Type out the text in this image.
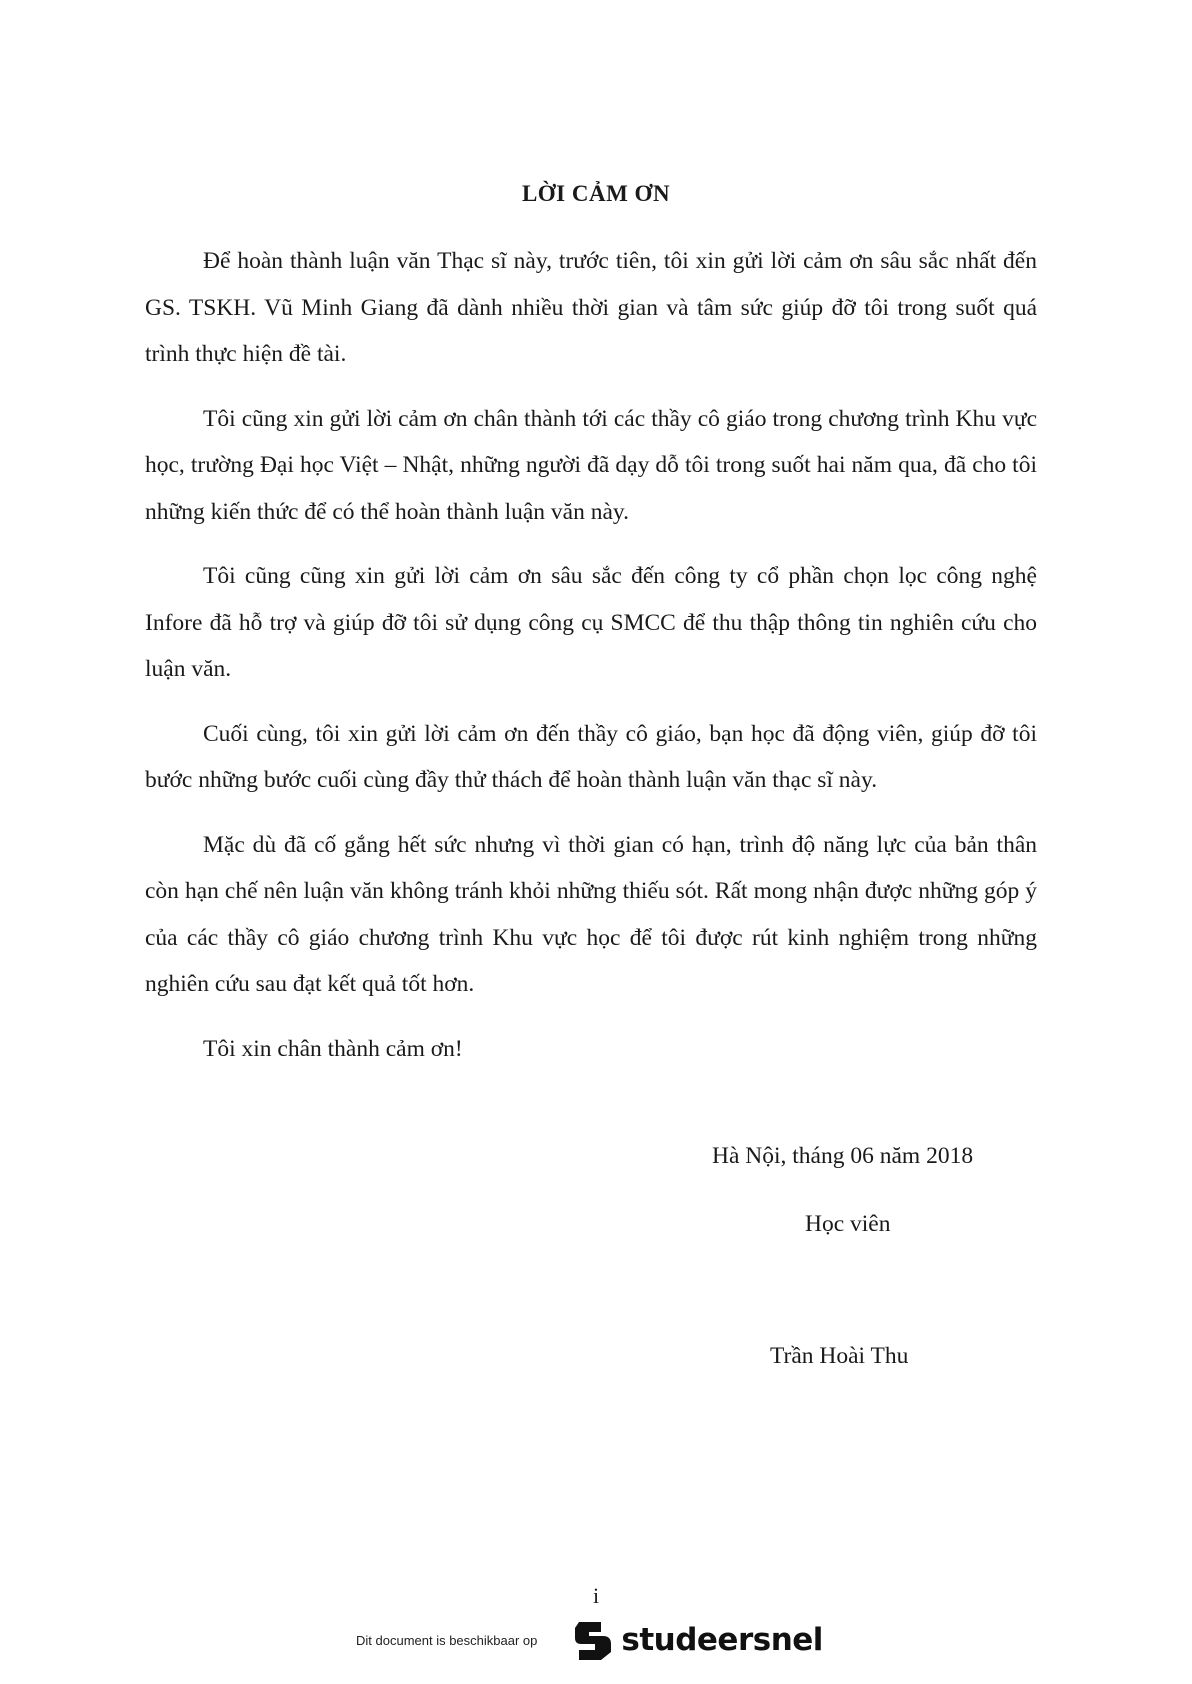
LỜI CẢM ƠN

Để hoàn thành luận văn Thạc sĩ này, trước tiên, tôi xin gửi lời cảm ơn sâu sắc nhất đến GS. TSKH. Vũ Minh Giang đã dành nhiều thời gian và tâm sức giúp đỡ tôi trong suốt quá trình thực hiện đề tài.

Tôi cũng xin gửi lời cảm ơn chân thành tới các thầy cô giáo trong chương trình Khu vực học, trường Đại học Việt – Nhật, những người đã dạy dỗ tôi trong suốt hai năm qua, đã cho tôi những kiến thức để có thể hoàn thành luận văn này.

Tôi cũng cũng xin gửi lời cảm ơn sâu sắc đến công ty cổ phần chọn lọc công nghệ Infore đã hỗ trợ và giúp đỡ tôi sử dụng công cụ SMCC để thu thập thông tin nghiên cứu cho luận văn.

Cuối cùng, tôi xin gửi lời cảm ơn đến thầy cô giáo, bạn học đã động viên, giúp đỡ tôi bước những bước cuối cùng đầy thử thách để hoàn thành luận văn thạc sĩ này.

Mặc dù đã cố gắng hết sức nhưng vì thời gian có hạn, trình độ năng lực của bản thân còn hạn chế nên luận văn không tránh khỏi những thiếu sót. Rất mong nhận được những góp ý của các thầy cô giáo chương trình Khu vực học để tôi được rút kinh nghiệm trong những nghiên cứu sau đạt kết quả tốt hơn.

Tôi xin chân thành cảm ơn!

Hà Nội, tháng 06 năm 2018
Học viên
Trần Hoài Thu
i
Dit document is beschikbaar op	studeersnel
